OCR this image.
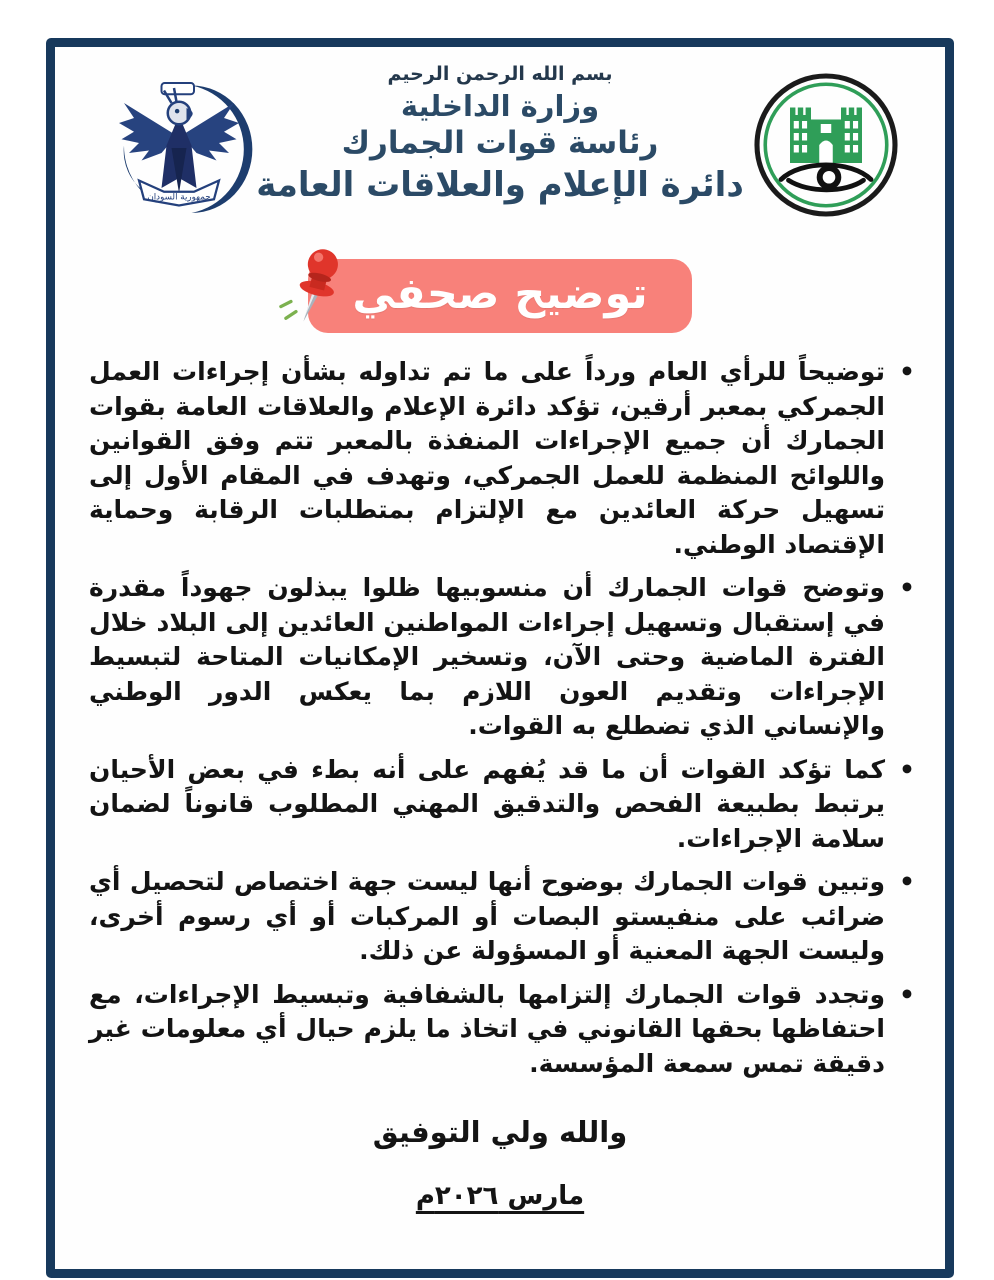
جمهورية السودان
بسم الله الرحمن الرحيم
وزارة الداخلية
رئاسة قوات الجمارك
دائرة الإعلام والعلاقات العامة
توضيح صحفي
•
توضيحاً للرأي العام ورداً على ما تم تداوله بشأن إجراءات العمل الجمركي بمعبر أرقين، تؤكد دائرة الإعلام والعلاقات العامة بقوات الجمارك أن جميع الإجراءات المنفذة بالمعبر تتم وفق القوانين واللوائح المنظمة للعمل الجمركي، وتهدف في المقام الأول إلى تسهيل حركة العائدين مع الإلتزام بمتطلبات الرقابة وحماية الإقتصاد الوطني.
•
وتوضح قوات الجمارك أن منسوبيها ظلوا يبذلون جهوداً مقدرة في إستقبال وتسهيل إجراءات المواطنين العائدين إلى البلاد خلال الفترة الماضية وحتى الآن، وتسخير الإمكانيات المتاحة لتبسيط الإجراءات وتقديم العون اللازم بما يعكس الدور الوطني والإنساني الذي تضطلع به القوات.
•
كما تؤكد القوات أن ما قد يُفهم على أنه بطء في بعض الأحيان يرتبط بطبيعة الفحص والتدقيق المهني المطلوب قانوناً لضمان سلامة الإجراءات.
•
وتبين قوات الجمارك بوضوح أنها ليست جهة اختصاص لتحصيل أي ضرائب على منفيستو البصات أو المركبات أو أي رسوم أخرى، وليست الجهة المعنية أو المسؤولة عن ذلك.
•
وتجدد قوات الجمارك إلتزامها بالشفافية وتبسيط الإجراءات، مع احتفاظها بحقها القانوني في اتخاذ ما يلزم حيال أي معلومات غير دقيقة تمس سمعة المؤسسة.
والله ولي التوفيق
مارس ٢٠٢٦م
